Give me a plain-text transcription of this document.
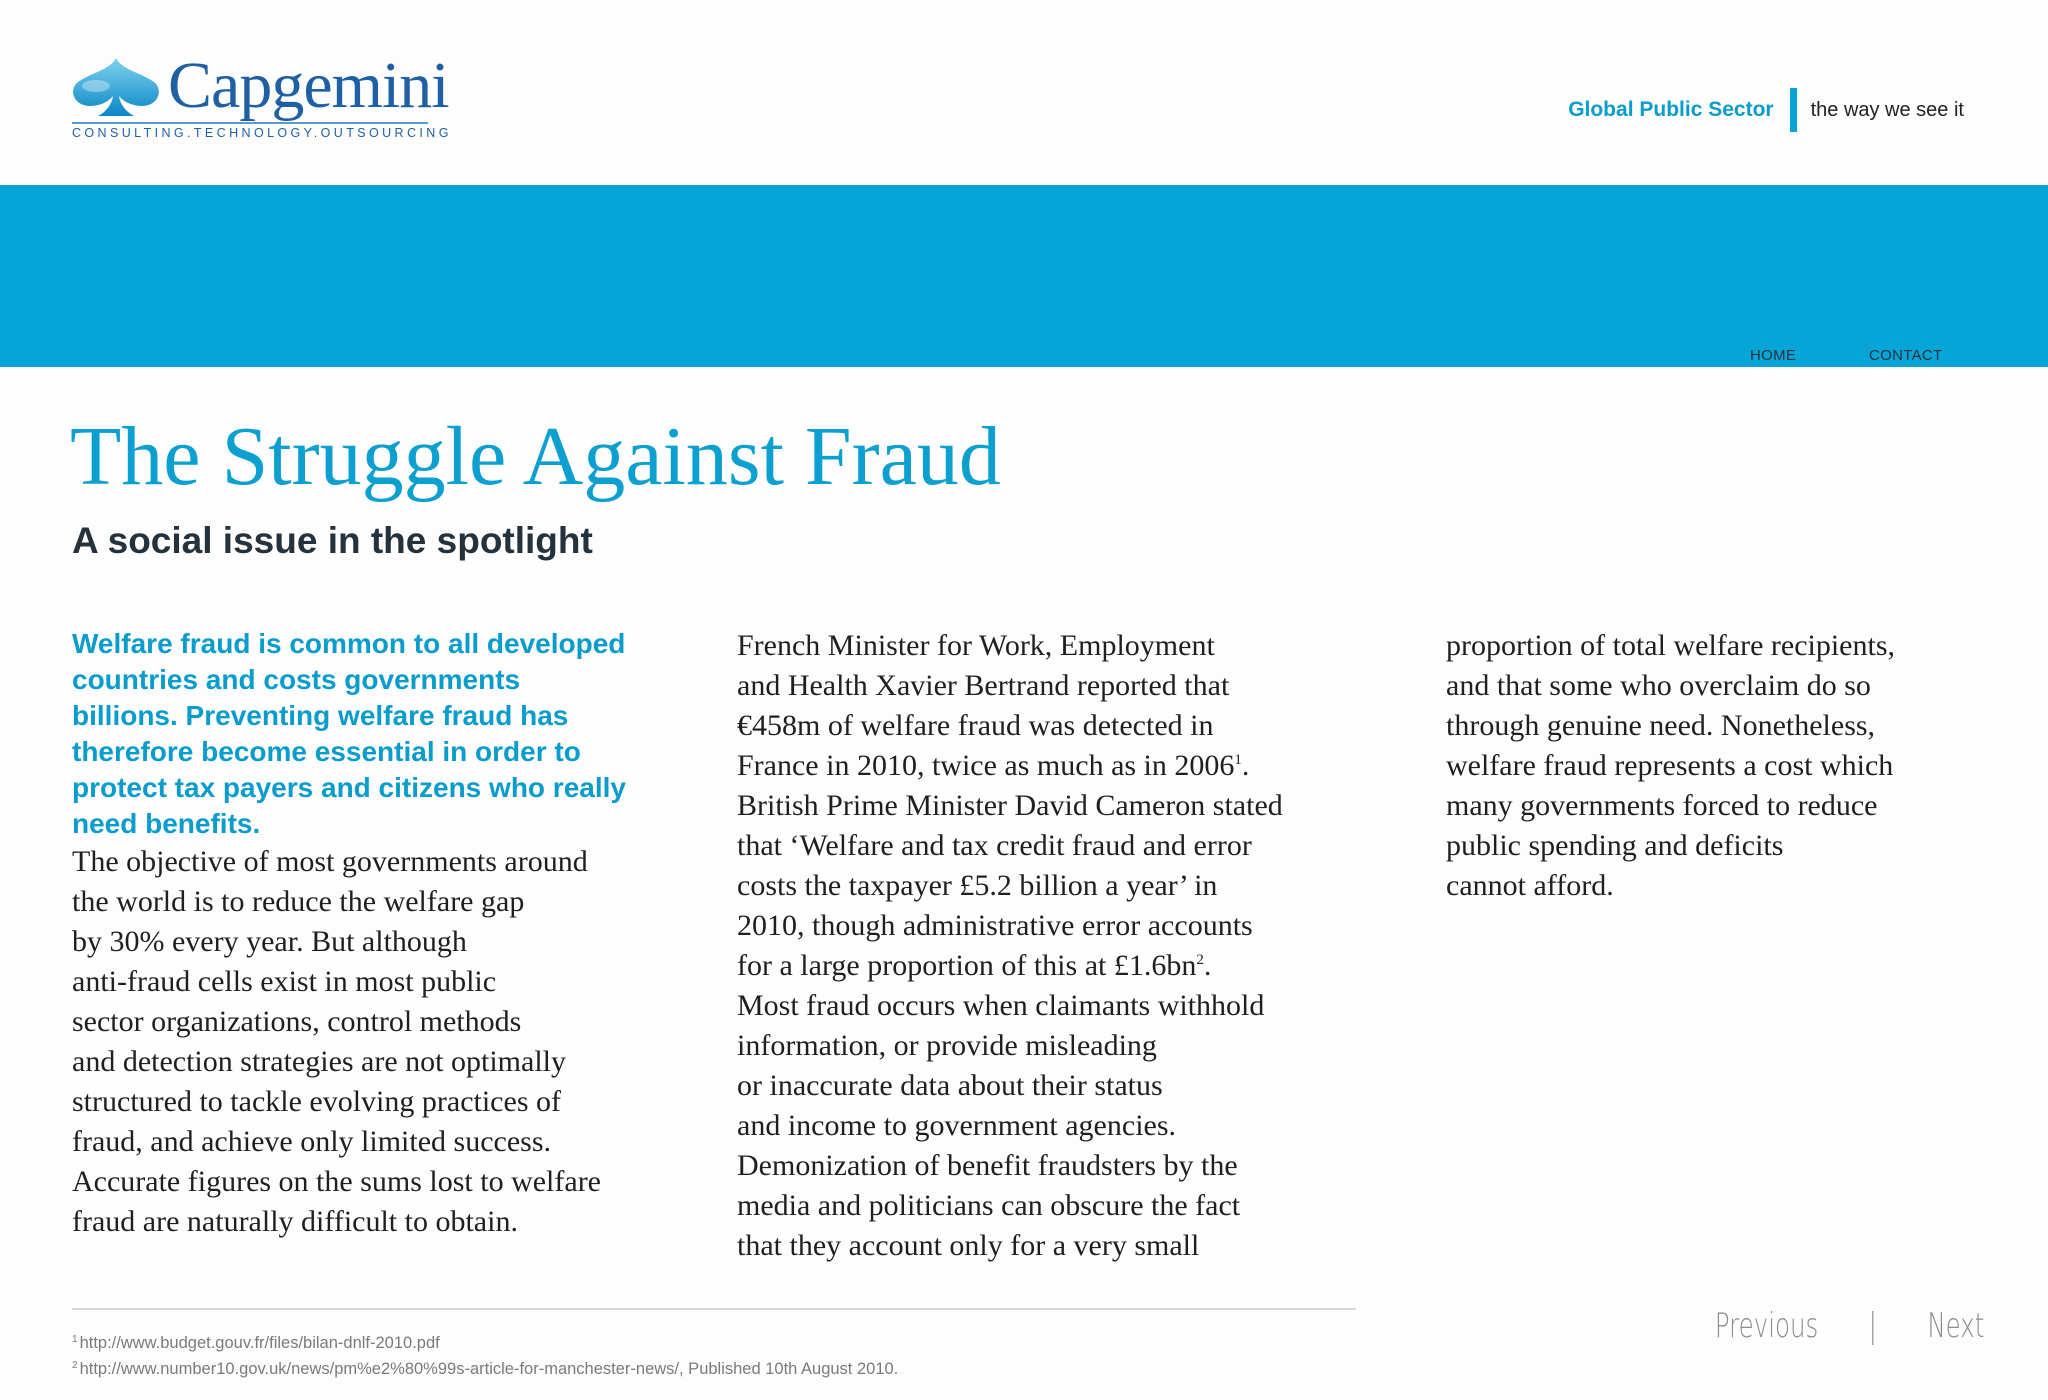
Capgemini
CONSULTING.TECHNOLOGY.OUTSOURCING
Global Public Sector the way we see it
HOME	CONTACT
The Struggle Against Fraud
A social issue in the spotlight

Welfare fraud is common to all developed
countries and costs governments
billions. Preventing welfare fraud has
therefore become essential in order to
protect tax payers and citizens who really
need benefits.

The objective of most governments around
the world is to reduce the welfare gap
by 30% every year. But although
anti-fraud cells exist in most public
sector organizations, control methods
and detection strategies are not optimally
structured to tackle evolving practices of
fraud, and achieve only limited success.
Accurate figures on the sums lost to welfare
fraud are naturally difficult to obtain.

French Minister for Work, Employment
and Health Xavier Bertrand reported that
€458m of welfare fraud was detected in
France in 2010, twice as much as in 2006$^1$.
British Prime Minister David Cameron stated
that ‘Welfare and tax credit fraud and error
costs the taxpayer £5.2 billion a year’ in
2010, though administrative error accounts
for a large proportion of this at $£1.6bn^2$.
Most fraud occurs when claimants withhold
information, or provide misleading
or inaccurate data about their status
and income to government agencies.
Demonization of benefit fraudsters by the
media and politicians can obscure the fact
that they account only for a very small

proportion of total welfare recipients,
and that some who overclaim do so
through genuine need. Nonetheless,
welfare fraud represents a cost which
many governments forced to reduce
public spending and deficits
cannot afford.

$^1$ http://www.budget.gouv.fr/files/bilan-dnlf-2010.pdf
$^2$ http://www.number10.gov.uk/news/pm%e2%80%99s-article-for-manchester-news/, Published 10th August 2010.
Previous | Next
